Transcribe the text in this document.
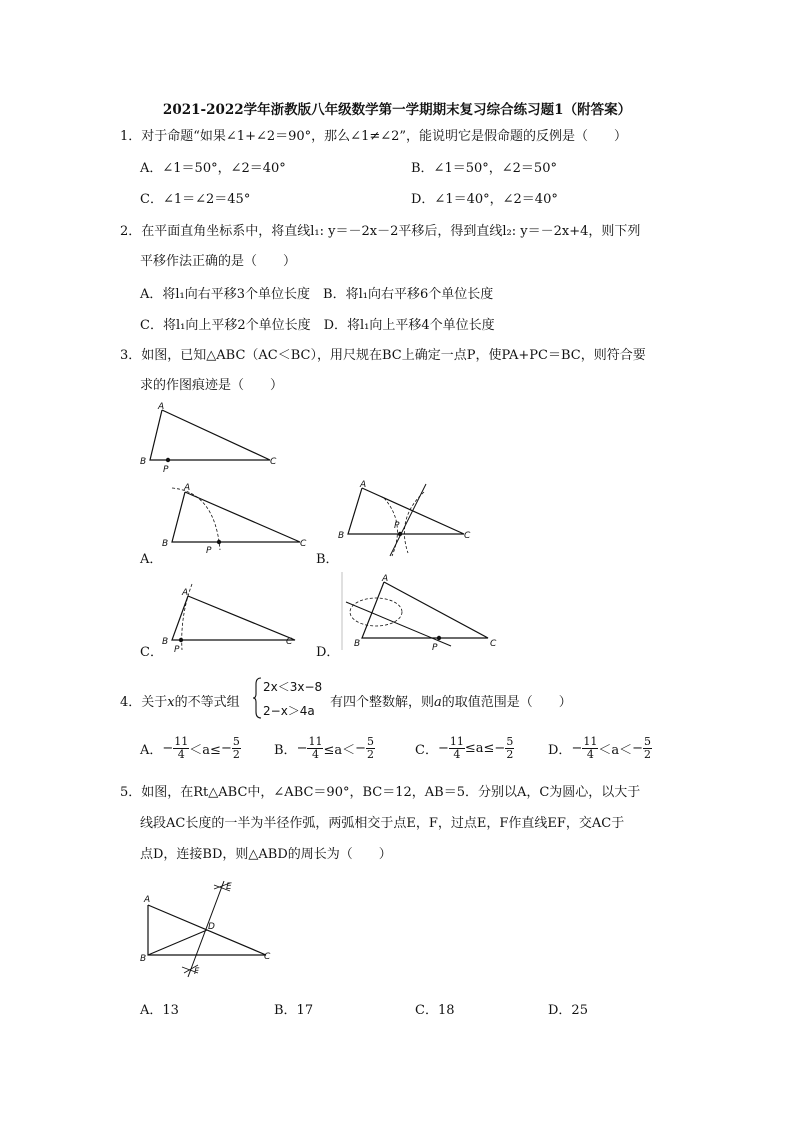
2021-2022学年浙教版八年级数学第一学期期末复习综合练习题1（附答案）
1．对于命题“如果∠1+∠2＝90°，那么∠1≠∠2”，能说明它是假命题的反例是（　　）
A．∠1＝50°，∠2＝40°	B．∠1＝50°，∠2＝50°
C．∠1＝∠2＝45°	D．∠1＝40°，∠2＝40°
2．在平面直角坐标系中，将直线l₁: y＝－2x－2平移后，得到直线l₂: y＝－2x+4，则下列
平移作法正确的是（　　）
A．将l₁向右平移3个单位长度　B．将l₁向右平移6个单位长度
C．将l₁向上平移2个单位长度　D．将l₁向上平移4个单位长度
3．如图，已知△ABC（AC＜BC），用尺规在BC上确定一点P，使PA+PC＝BC，则符合要
求的作图痕迹是（　　）
A
B	C
P
A．
A
B	C
P
B．
A
B	C
P
C．
A
B	C
P	D．
A
B	C
P
4．关于x的不等式组
2x＜3x−8
2−x＞4a
有四个整数解，则a的取值范围是（　　）
A．− $\frac{11}{4} <a\le- \frac{5}{2}$	B．− $\frac{11}{4} \le a<- \frac{5}{2}$	C．− $\frac{11}{4} \le a\le- \frac{5}{2}$	D．− $\frac{11}{4} <a<- \frac{5}{2}$
5．如图，在Rt△ABC中，∠ABC＝90°，BC＝12，AB＝5．分别以A，C为圆心，以大于
线段AC长度的一半为半径作弧，两弧相交于点E，F，过点E，F作直线EF，交AC于
点D，连接BD，则△ABD的周长为（　　）
A
B	C
D
E
F
A．13	B．17	C．18	D．25
